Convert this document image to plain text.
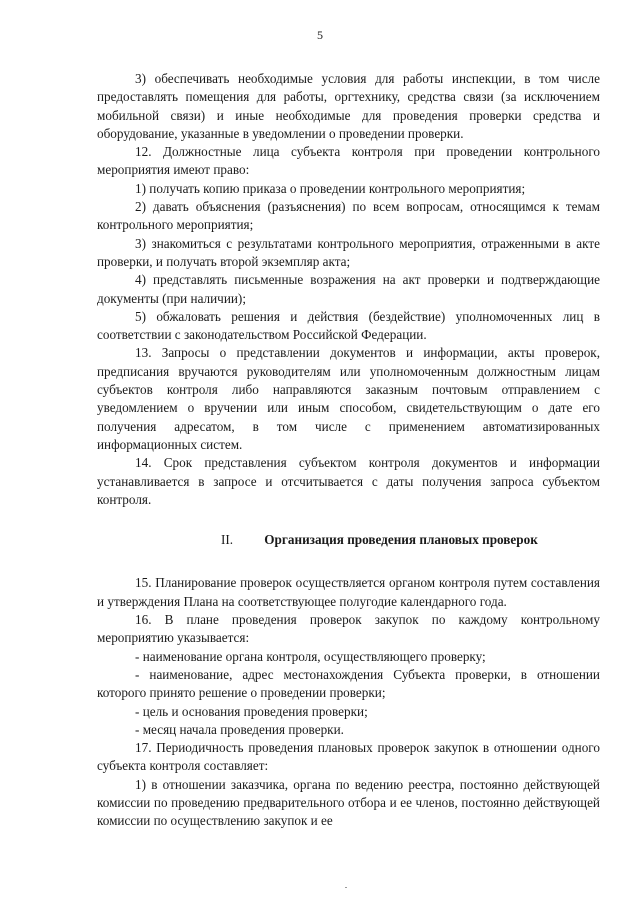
5

3) обеспечивать необходимые условия для работы инспекции, в том числе предоставлять помещения для работы, оргтехнику, средства связи (за исключением мобильной связи) и иные необходимые для проведения проверки средства и оборудование, указанные в уведомлении о проведении проверки.

12. Должностные лица субъекта контроля при проведении контрольного мероприятия имеют право:

1) получать копию приказа о проведении контрольного мероприятия;

2) давать объяснения (разъяснения) по всем вопросам, относящимся к темам контрольного мероприятия;

3) знакомиться с результатами контрольного мероприятия, отраженными в акте проверки, и получать второй экземпляр акта;

4) представлять письменные возражения на акт проверки и подтверждающие документы (при наличии);

5) обжаловать решения и действия (бездействие) уполномоченных лиц в соответствии с законодательством Российской Федерации.

13. Запросы о представлении документов и информации, акты проверок, предписания вручаются руководителям или уполномоченным должностным лицам субъектов контроля либо направляются заказным почтовым отправлением с уведомлением о вручении или иным способом, свидетельствующим о дате его получения адресатом, в том числе с применением автоматизированных информационных систем.

14. Срок представления субъектом контроля документов и информации устанавливается в запросе и отсчитывается с даты получения запроса субъектом контроля.

II. Организация проведения плановых проверок

15. Планирование проверок осуществляется органом контроля путем составления и утверждения Плана на соответствующее полугодие календарного года.

16. В плане проведения проверок закупок по каждому контрольному мероприятию указывается:

- наименование органа контроля, осуществляющего проверку;

- наименование, адрес местонахождения Субъекта проверки, в отношении которого принято решение о проведении проверки;

- цель и основания проведения проверки;

- месяц начала проведения проверки.

17. Периодичность проведения плановых проверок закупок в отношении одного субъекта контроля составляет:

1) в отношении заказчика, органа по ведению реестра, постоянно действующей комиссии по проведению предварительного отбора и ее членов, постоянно действующей комиссии по осуществлению закупок и ее
